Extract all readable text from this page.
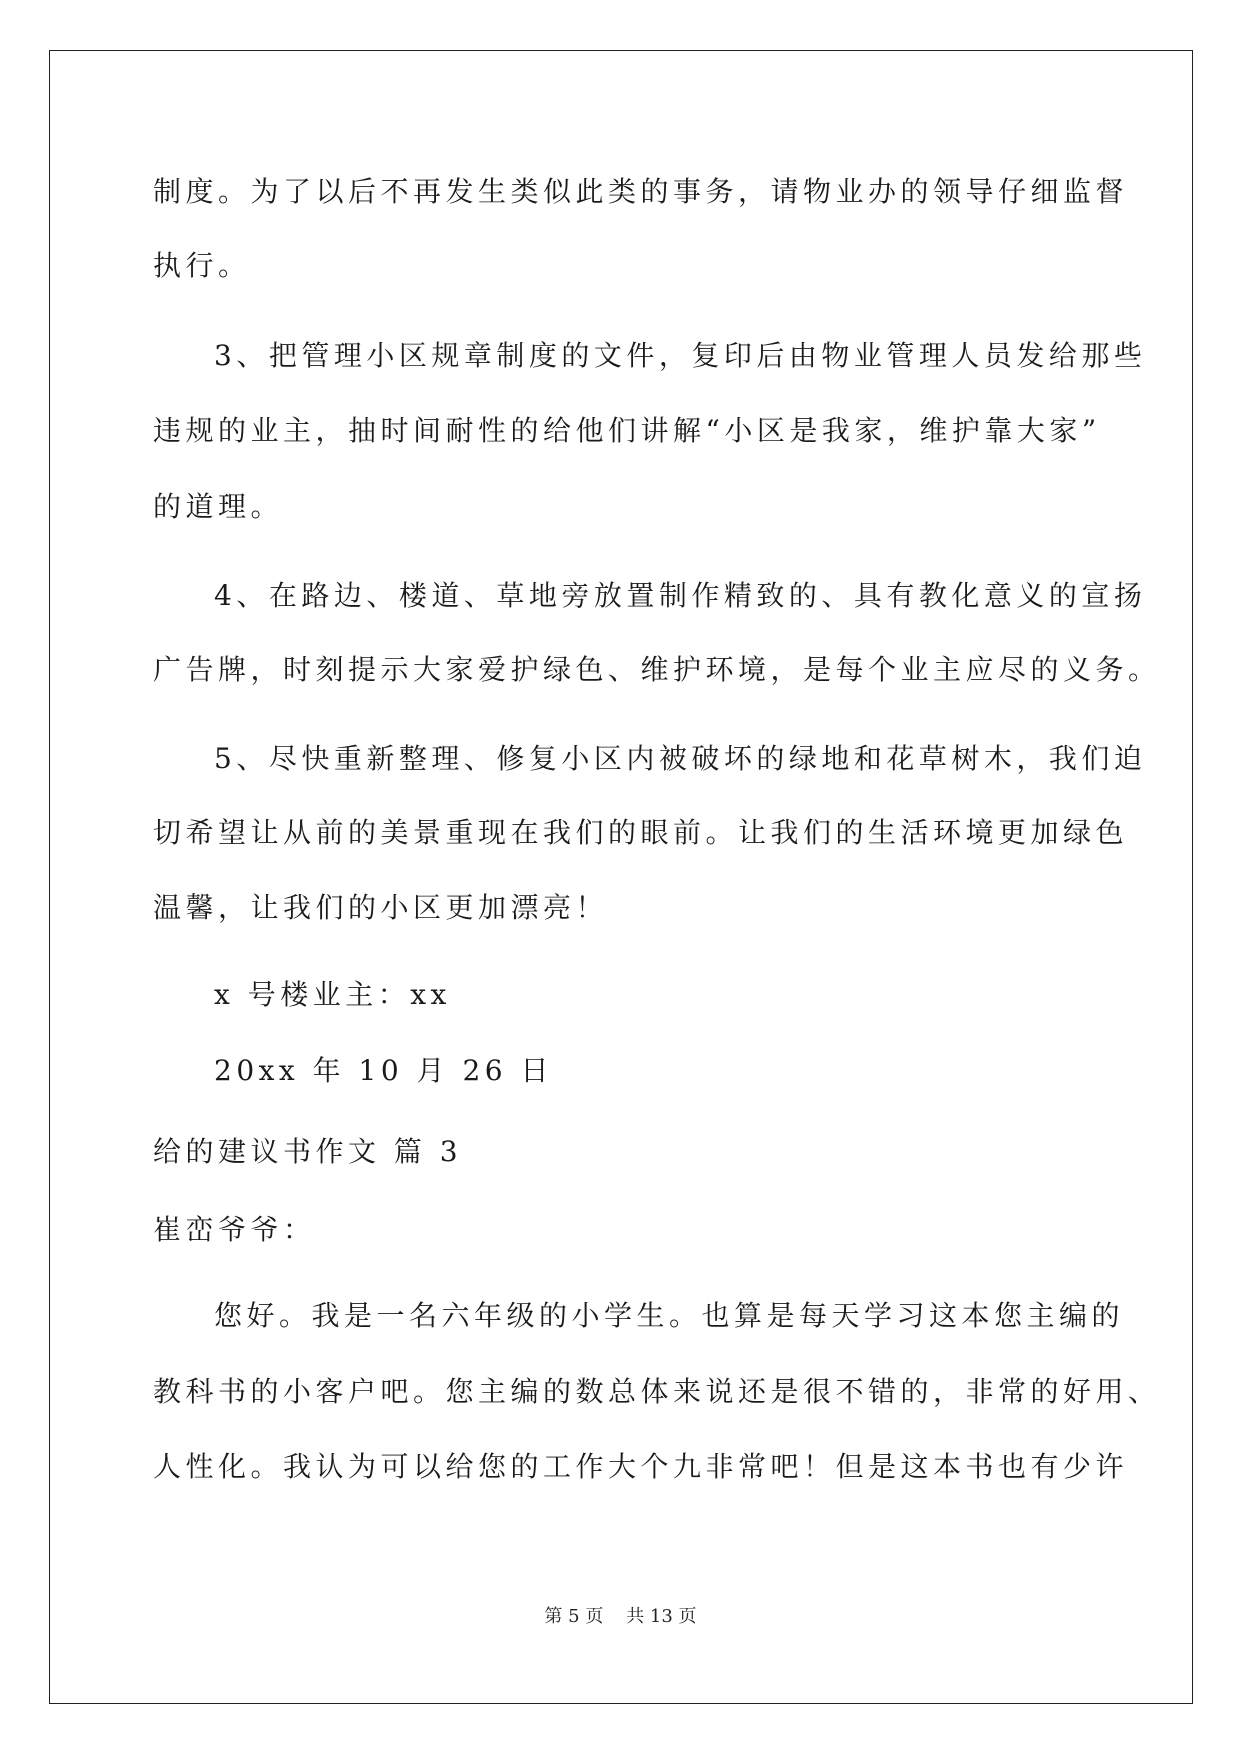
制度。为了以后不再发生类似此类的事务，请物业办的领导仔细监督
执行。
3、把管理小区规章制度的文件，复印后由物业管理人员发给那些
违规的业主，抽时间耐性的给他们讲解“小区是我家，维护靠大家”
的道理。
4、在路边、楼道、草地旁放置制作精致的、具有教化意义的宣扬
广告牌，时刻提示大家爱护绿色、维护环境，是每个业主应尽的义务。
5、尽快重新整理、修复小区内被破坏的绿地和花草树木，我们迫
切希望让从前的美景重现在我们的眼前。让我们的生活环境更加绿色
温馨，让我们的小区更加漂亮！
x 号楼业主：xx
20xx 年 10 月 26 日
给的建议书作文 篇 3
崔峦爷爷：
您好。我是一名六年级的小学生。也算是每天学习这本您主编的
教科书的小客户吧。您主编的数总体来说还是很不错的，非常的好用、
人性化。我认为可以给您的工作大个九非常吧！但是这本书也有少许
第 5 页    共 13 页
